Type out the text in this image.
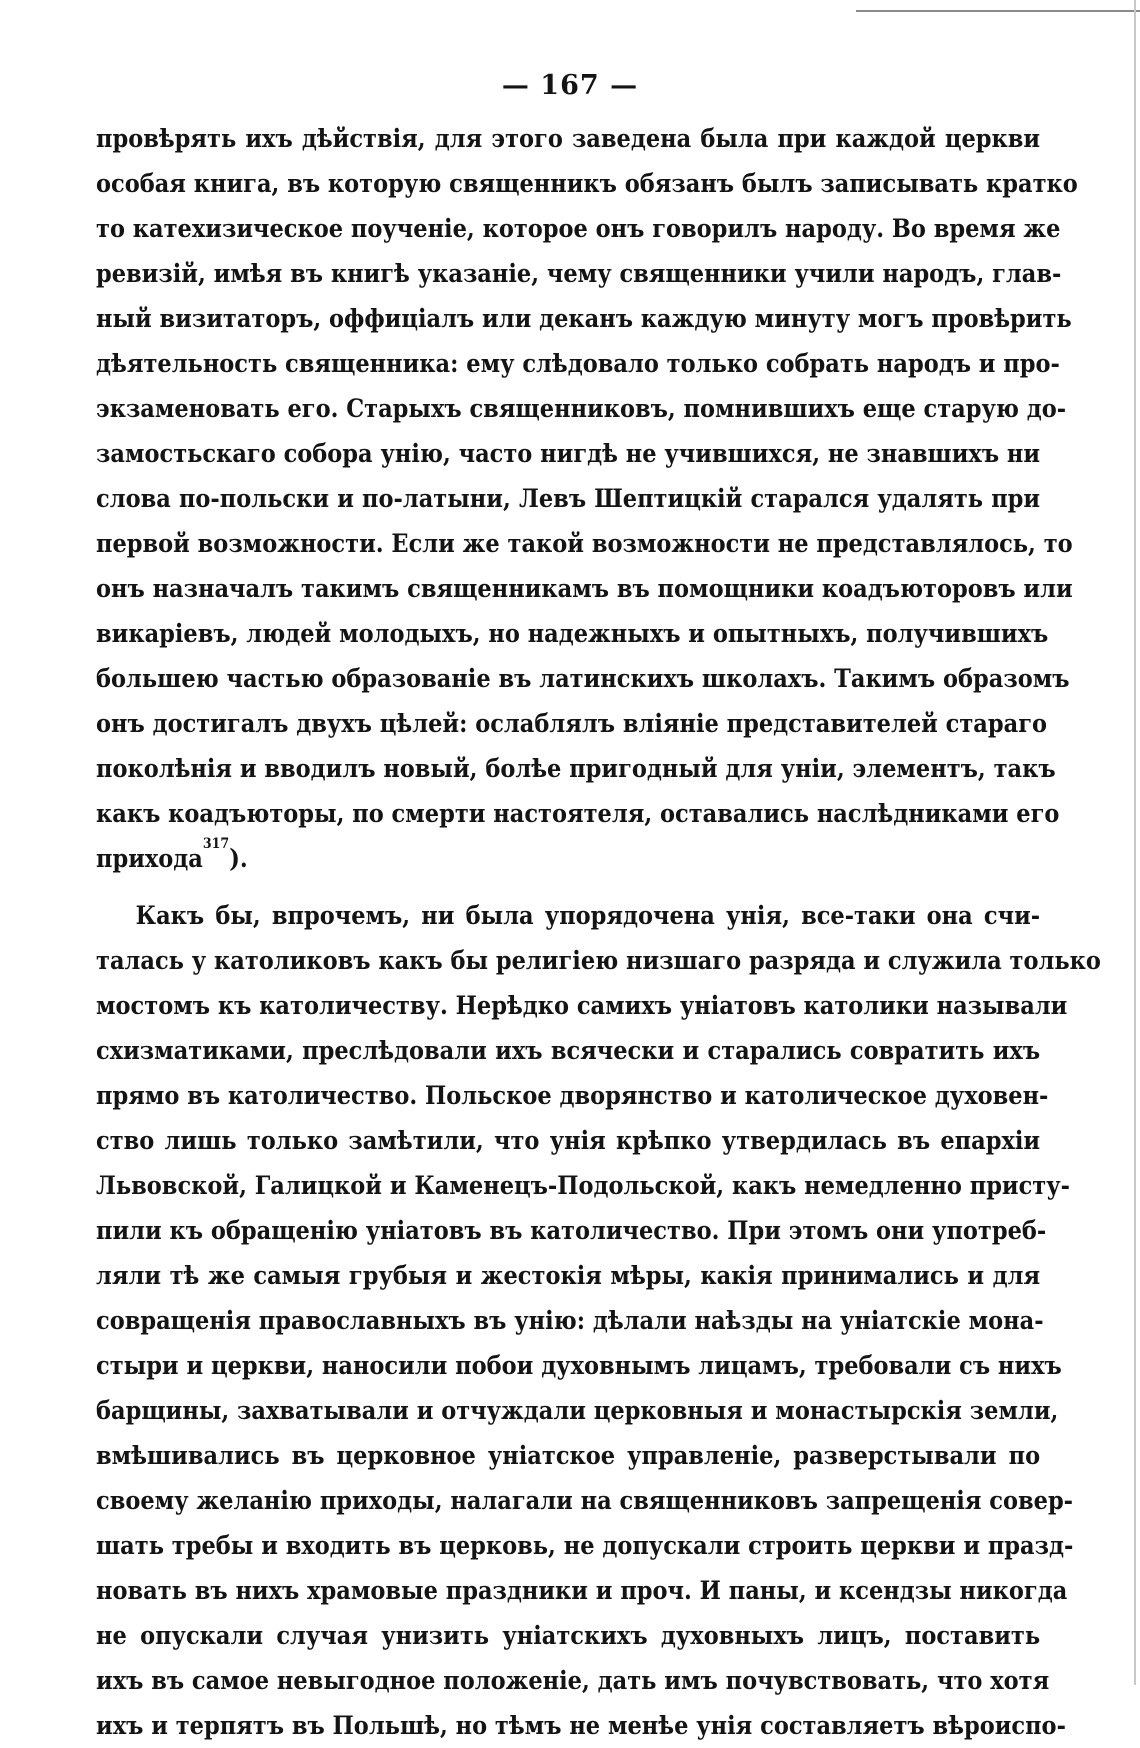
— 167 —
провѣрять ихъ дѣйствія, для этого заведена была при каждой церкви
особая книга, въ которую священникъ обязанъ былъ записывать кратко
то катехизическое поученіе, которое онъ говорилъ народу. Во время же
ревизій, имѣя въ книгѣ указаніе, чему священники учили народъ, глав-
ный визитаторъ, оффиціалъ или деканъ каждую минуту могъ провѣрить
дѣятельность священника: ему слѣдовало только собрать народъ и про-
экзаменовать его. Старыхъ священниковъ, помнившихъ еще старую до-
замостьскаго собора унію, часто нигдѣ не учившихся, не знавшихъ ни
слова по-польски и по-латыни, Левъ Шептицкій старался удалять при
первой возможности. Если же такой возможности не представлялось, то
онъ назначалъ такимъ священникамъ въ помощники коадъюторовъ или
викаріевъ, людей молодыхъ, но надежныхъ и опытныхъ, получившихъ
большею частью образованіе въ латинскихъ школахъ. Такимъ образомъ
онъ достигалъ двухъ цѣлей: ослаблялъ вліяніе представителей стараго
поколѣнія и вводилъ новый, болѣе пригодный для уніи, элементъ, такъ
какъ коадъюторы, по смерти настоятеля, оставались наслѣдниками его
прихода$^{317}$).
Какъ бы, впрочемъ, ни была упорядочена унія, все-таки она счи-
талась у католиковъ какъ бы религіею низшаго разряда и служила только
мостомъ къ католичеству. Нерѣдко самихъ уніатовъ католики называли
схизматиками, преслѣдовали ихъ всячески и старались совратить ихъ
прямо въ католичество. Польское дворянство и католическое духовен-
ство лишь только замѣтили, что унія крѣпко утвердилась въ епархіи
Львовской, Галицкой и Каменецъ-Подольской, какъ немедленно присту-
пили къ обращенію уніатовъ въ католичество. При этомъ они употреб-
ляли тѣ же самыя грубыя и жестокія мѣры, какія принимались и для
совращенія православныхъ въ унію: дѣлали наѣзды на уніатскіе мона-
стыри и церкви, наносили побои духовнымъ лицамъ, требовали съ нихъ
барщины, захватывали и отчуждали церковныя и монастырскія земли,
вмѣшивались въ церковное уніатское управленіе, разверстывали по
своему желанію приходы, налагали на священниковъ запрещенія совер-
шать требы и входить въ церковь, не допускали строить церкви и празд-
новать въ нихъ храмовые праздники и проч. И паны, и ксендзы никогда
не опускали случая унизить уніатскихъ духовныхъ лицъ, поставить
ихъ въ самое невыгодное положеніе, дать имъ почувствовать, что хотя
ихъ и терпятъ въ Польшѣ, но тѣмъ не менѣе унія составляетъ вѣроиспо-
